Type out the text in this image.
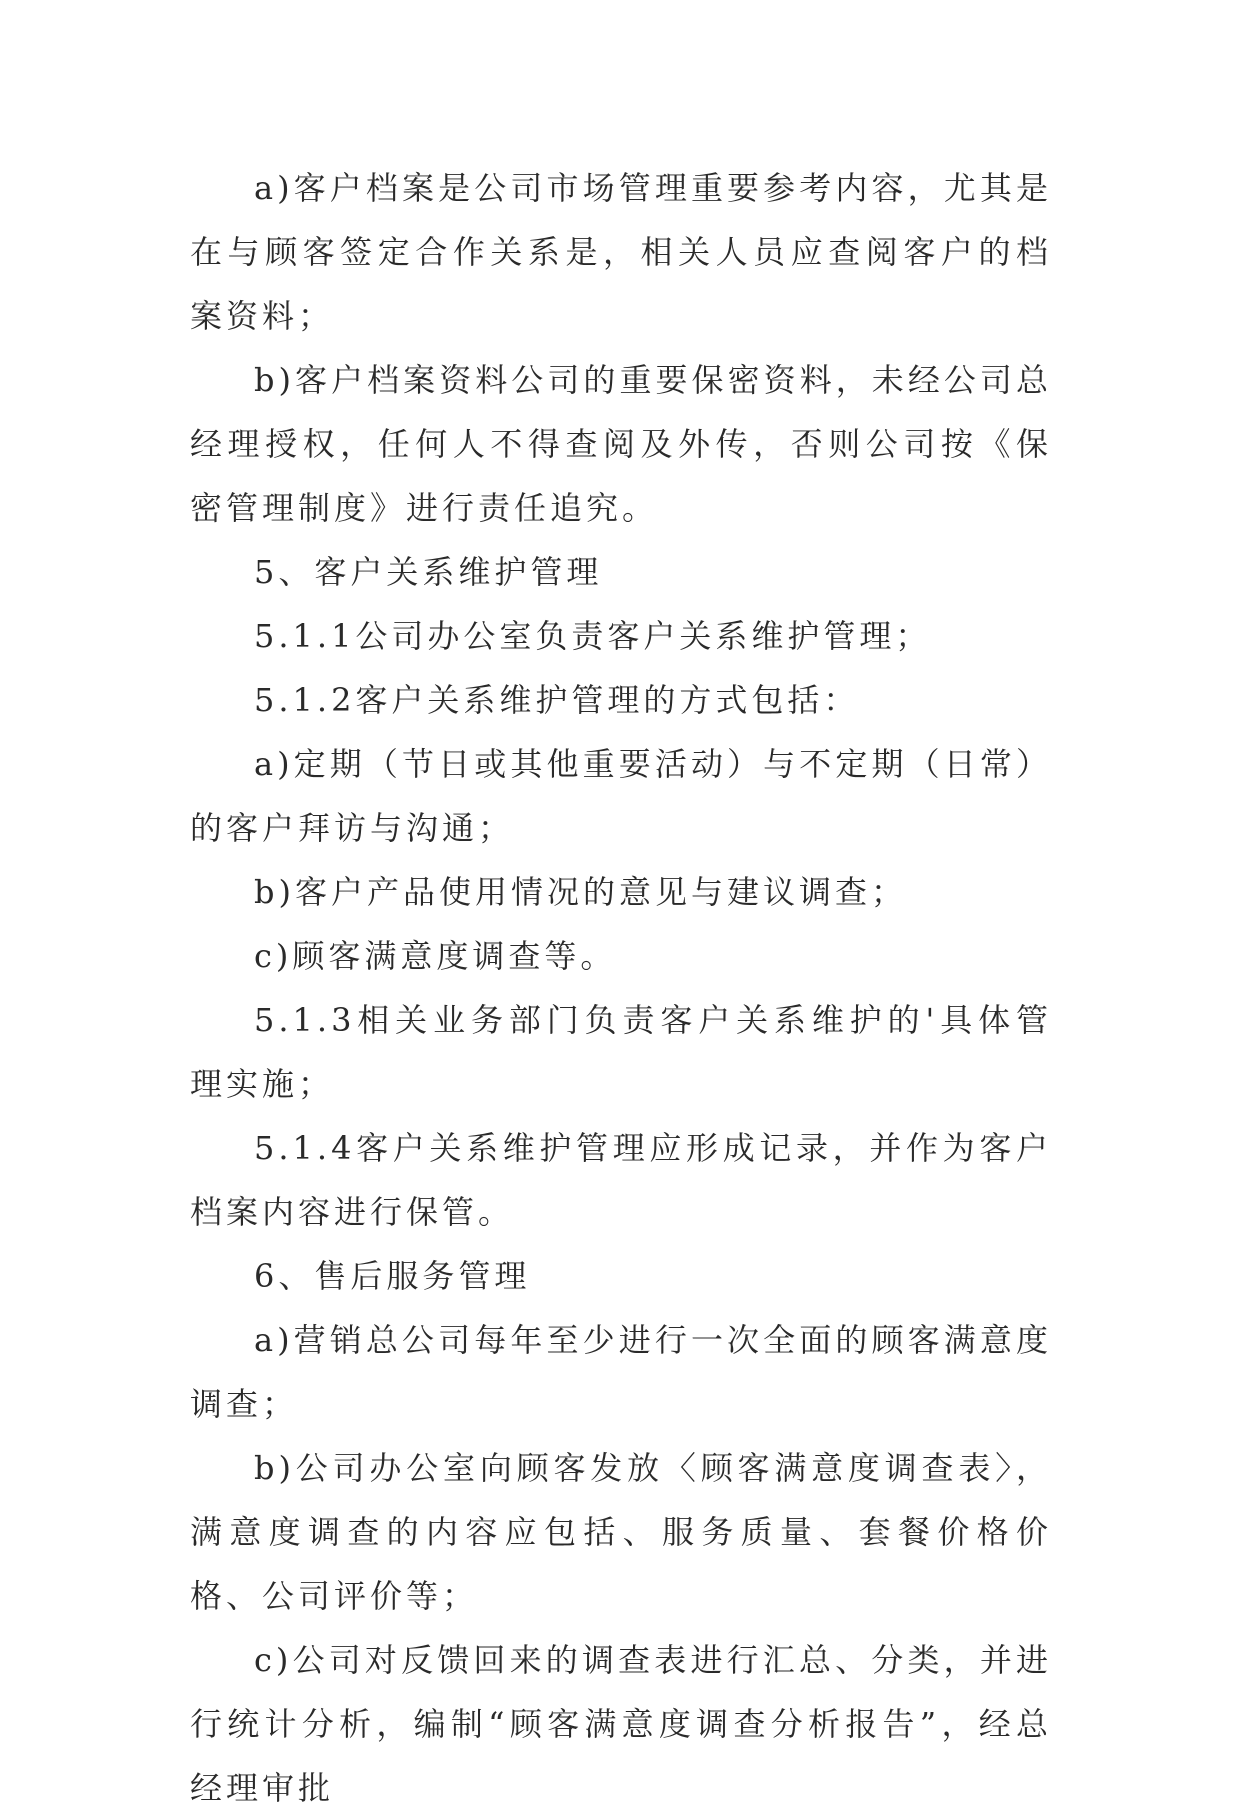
a)客户档案是公司市场管理重要参考内容，尤其是在与顾客签定合作关系是，相关人员应查阅客户的档案资料；

b)客户档案资料公司的重要保密资料，未经公司总经理授权，任何人不得查阅及外传，否则公司按《保密管理制度》进行责任追究。

5、客户关系维护管理

5.1.1公司办公室负责客户关系维护管理；

5.1.2客户关系维护管理的方式包括：

a)定期（节日或其他重要活动）与不定期（日常）的客户拜访与沟通；

b)客户产品使用情况的意见与建议调查；

c)顾客满意度调查等。

5.1.3相关业务部门负责客户关系维护的'具体管理实施；

5.1.4客户关系维护管理应形成记录，并作为客户档案内容进行保管。

6、售后服务管理

a)营销总公司每年至少进行一次全面的顾客满意度调查；

b)公司办公室向顾客发放〈顾客满意度调查表〉，满意度调查的内容应包括、服务质量、套餐价格价格、公司评价等；

c)公司对反馈回来的调查表进行汇总、分类，并进行统计分析，编制“顾客满意度调查分析报告”，经总经理审批
